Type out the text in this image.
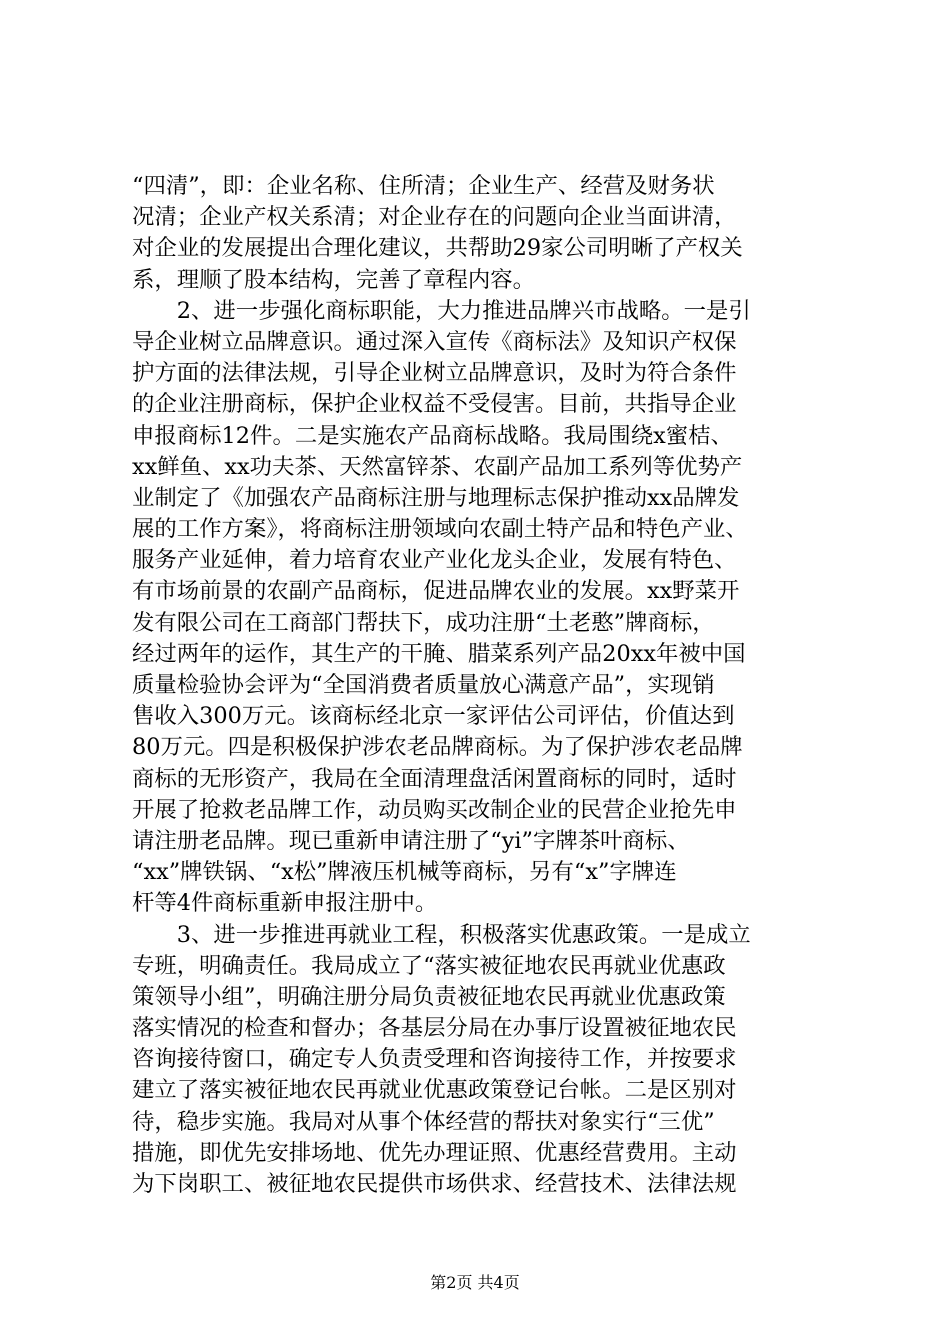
“四清”，即：企业名称、住所清；企业生产、经营及财务状
况清；企业产权关系清；对企业存在的问题向企业当面讲清，
对企业的发展提出合理化建议，共帮助29家公司明晰了产权关
系，理顺了股本结构，完善了章程内容。
　　2、进一步强化商标职能，大力推进品牌兴市战略。一是引
导企业树立品牌意识。通过深入宣传《商标法》及知识产权保
护方面的法律法规，引导企业树立品牌意识，及时为符合条件
的企业注册商标，保护企业权益不受侵害。目前，共指导企业
申报商标12件。二是实施农产品商标战略。我局围绕x蜜桔、
xx鲜鱼、xx功夫茶、天然富锌茶、农副产品加工系列等优势产
业制定了《加强农产品商标注册与地理标志保护推动xx品牌发
展的工作方案》，将商标注册领域向农副土特产品和特色产业、
服务产业延伸，着力培育农业产业化龙头企业，发展有特色、
有市场前景的农副产品商标，促进品牌农业的发展。xx野菜开
发有限公司在工商部门帮扶下，成功注册“土老憨”牌商标，
经过两年的运作，其生产的干腌、腊菜系列产品20xx年被中国
质量检验协会评为“全国消费者质量放心满意产品”，实现销
售收入300万元。该商标经北京一家评估公司评估，价值达到
80万元。四是积极保护涉农老品牌商标。为了保护涉农老品牌
商标的无形资产，我局在全面清理盘活闲置商标的同时，适时
开展了抢救老品牌工作，动员购买改制企业的民营企业抢先申
请注册老品牌。现已重新申请注册了“yi”字牌茶叶商标、
“xx”牌铁锅、“x松”牌液压机械等商标，另有“x”字牌连
杆等4件商标重新申报注册中。
　　3、进一步推进再就业工程，积极落实优惠政策。一是成立
专班，明确责任。我局成立了“落实被征地农民再就业优惠政
策领导小组”，明确注册分局负责被征地农民再就业优惠政策
落实情况的检查和督办；各基层分局在办事厅设置被征地农民
咨询接待窗口，确定专人负责受理和咨询接待工作，并按要求
建立了落实被征地农民再就业优惠政策登记台帐。二是区别对
待，稳步实施。我局对从事个体经营的帮扶对象实行“三优”
措施，即优先安排场地、优先办理证照、优惠经营费用。主动
为下岗职工、被征地农民提供市场供求、经营技术、法律法规
第2页 共4页
